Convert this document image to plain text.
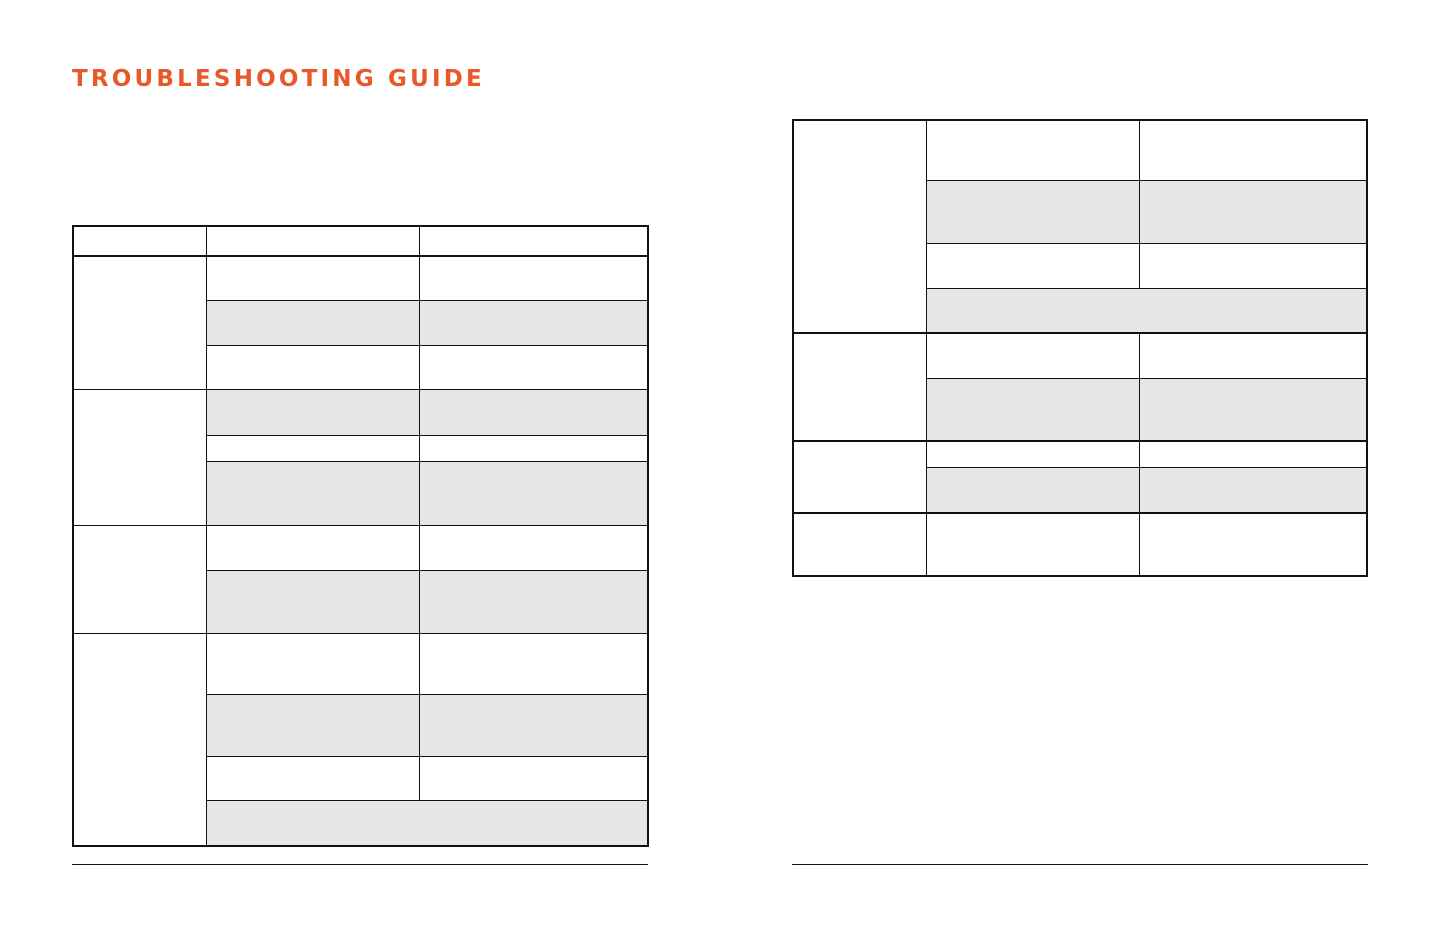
TROUBLESHOOTING GUIDE
